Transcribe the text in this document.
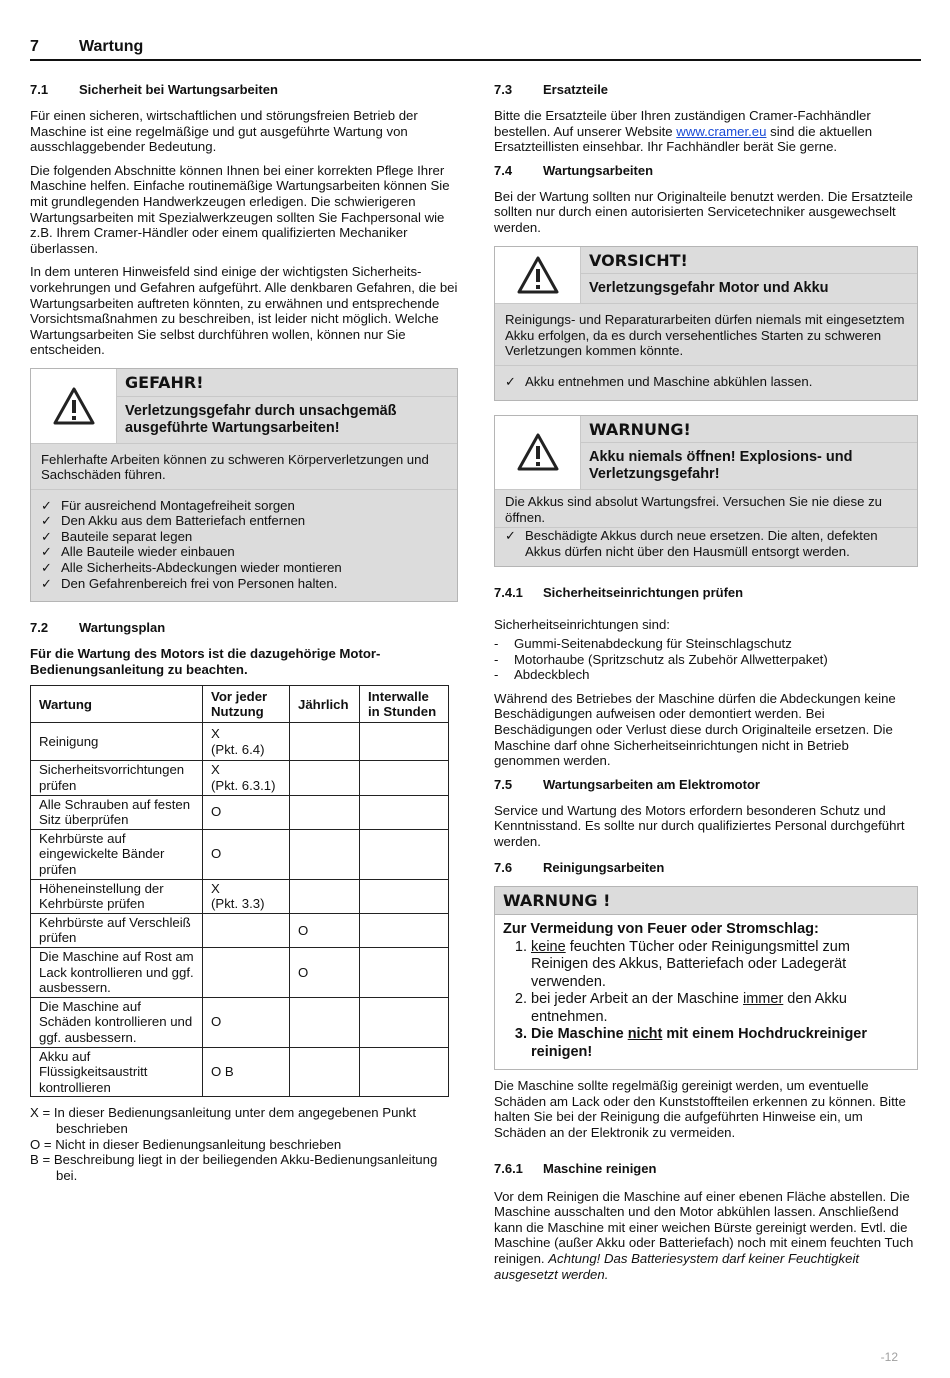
7	Wartung
7.1 Sicherheit bei Wartungsarbeiten

Für einen sicheren, wirtschaftlichen und störungsfreien Betrieb der Maschine ist eine regelmäßige und gut ausgeführte Wartung von ausschlaggebender Bedeutung.

Die folgenden Abschnitte können Ihnen bei einer korrekten Pflege Ihrer Maschine helfen. Einfache routinemäßige Wartungsarbeiten können Sie mit grundlegenden Handwerkzeugen erledigen. Die schwierigeren Wartungsarbeiten mit Spezialwerkzeugen sollten Sie Fachpersonal wie z.B. Ihrem Cramer-Händler oder einem qualifizierten Mechaniker überlassen.

In dem unteren Hinweisfeld sind einige der wichtigsten Sicherheits-vorkehrungen und Gefahren aufgeführt. Alle denkbaren Gefahren, die bei Wartungsarbeiten auftreten könnten, zu erwähnen und entsprechende Vorsichtsmaßnahmen zu beschreiben, ist leider nicht möglich. Welche Wartungsarbeiten Sie selbst durchführen wollen, können nur Sie entscheiden.

GEFAHR!
Verletzungsgefahr durch unsachgemäß ausgeführte Wartungsarbeiten!
Fehlerhafte Arbeiten können zu schweren Körperverletzungen und Sachschäden führen.
✓ Für ausreichend Montagefreiheit sorgen
✓ Den Akku aus dem Batteriefach entfernen
✓ Bauteile separat legen
✓ Alle Bauteile wieder einbauen
✓ Alle Sicherheits-Abdeckungen wieder montieren
✓ Den Gefahrenbereich frei von Personen halten.
7.2 Wartungsplan

Für die Wartung des Motors ist die dazugehörige Motor-Bedienungsanleitung zu beachten.

Wartung	Vor jeder Nutzung	Jährlich	Interwalle in Stunden
Reinigung	X
(Pkt. 6.4)		
Sicherheitsvorrichtungen prüfen	X
(Pkt. 6.3.1)		
Alle Schrauben auf festen Sitz überprüfen	O		
Kehrbürste auf eingewickelte Bänder prüfen	O		
Höheneinstellung der Kehrbürste prüfen	X
(Pkt. 3.3)		
Kehrbürste auf Verschleiß prüfen		O	
Die Maschine auf Rost am Lack kontrollieren und ggf. ausbessern.		O	
Die Maschine auf Schäden kontrollieren und ggf. ausbessern.	O		
Akku auf Flüssigkeitsaustritt kontrollieren	O B		
X = In dieser Bedienungsanleitung unter dem angegebenen Punkt beschrieben
O = Nicht in dieser Bedienungsanleitung beschrieben
B = Beschreibung liegt in der beiliegenden Akku-Bedienungsanleitung bei.
7.3 Ersatzteile

Bitte die Ersatzteile über Ihren zuständigen Cramer-Fachhändler bestellen. Auf unserer Website www.cramer.eu sind die aktuellen Ersatzteillisten einsehbar. Ihr Fachhändler berät Sie gerne.

7.4 Wartungsarbeiten

Bei der Wartung sollten nur Originalteile benutzt werden. Die Ersatzteile sollten nur durch einen autorisierten Servicetechniker ausgewechselt werden.

VORSICHT!
Verletzungsgefahr Motor und Akku
Reinigungs- und Reparaturarbeiten dürfen niemals mit eingesetztem Akku erfolgen, da es durch versehentliches Starten zu schweren Verletzungen kommen könnte.
✓ Akku entnehmen und Maschine abkühlen lassen.
WARNUNG!
Akku niemals öffnen! Explosions- und Verletzungsgefahr!
Die Akkus sind absolut Wartungsfrei. Versuchen Sie nie diese zu öffnen.
✓ Beschädigte Akkus durch neue ersetzen. Die alten, defekten Akkus dürfen nicht über den Hausmüll entsorgt werden.
7.4.1 Sicherheitseinrichtungen prüfen

Sicherheitseinrichtungen sind:

- Gummi-Seitenabdeckung für Steinschlagschutz
- Motorhaube (Spritzschutz als Zubehör Allwetterpaket)
- Abdeckblech

Während des Betriebes der Maschine dürfen die Abdeckungen keine Beschädigungen aufweisen oder demontiert werden. Bei Beschädigungen oder Verlust diese durch Originalteile ersetzen. Die Maschine darf ohne Sicherheitseinrichtungen nicht in Betrieb genommen werden.

7.5 Wartungsarbeiten am Elektromotor

Service und Wartung des Motors erfordern besonderen Schutz und Kenntnisstand. Es sollte nur durch qualifiziertes Personal durchgeführt werden.

7.6 Reinigungsarbeiten
WARNUNG !
Zur Vermeidung von Feuer oder Stromschlag:
1. keine feuchten Tücher oder Reinigungsmittel zum Reinigen des Akkus, Batteriefach oder Ladegerät verwenden.
2. bei jeder Arbeit an der Maschine immer den Akku entnehmen.
3. Die Maschine nicht mit einem Hochdruckreiniger reinigen!

Die Maschine sollte regelmäßig gereinigt werden, um eventuelle Schäden am Lack oder den Kunststoffteilen erkennen zu können. Bitte halten Sie bei der Reinigung die aufgeführten Hinweise ein, um Schäden an der Elektronik zu vermeiden.

7.6.1 Maschine reinigen

Vor dem Reinigen die Maschine auf einer ebenen Fläche abstellen. Die Maschine ausschalten und den Motor abkühlen lassen. Anschließend kann die Maschine mit einer weichen Bürste gereinigt werden. Evtl. die Maschine (außer Akku oder Batteriefach) noch mit einem feuchten Tuch reinigen. Achtung! Das Batteriesystem darf keiner Feuchtigkeit ausgesetzt werden.

-12
